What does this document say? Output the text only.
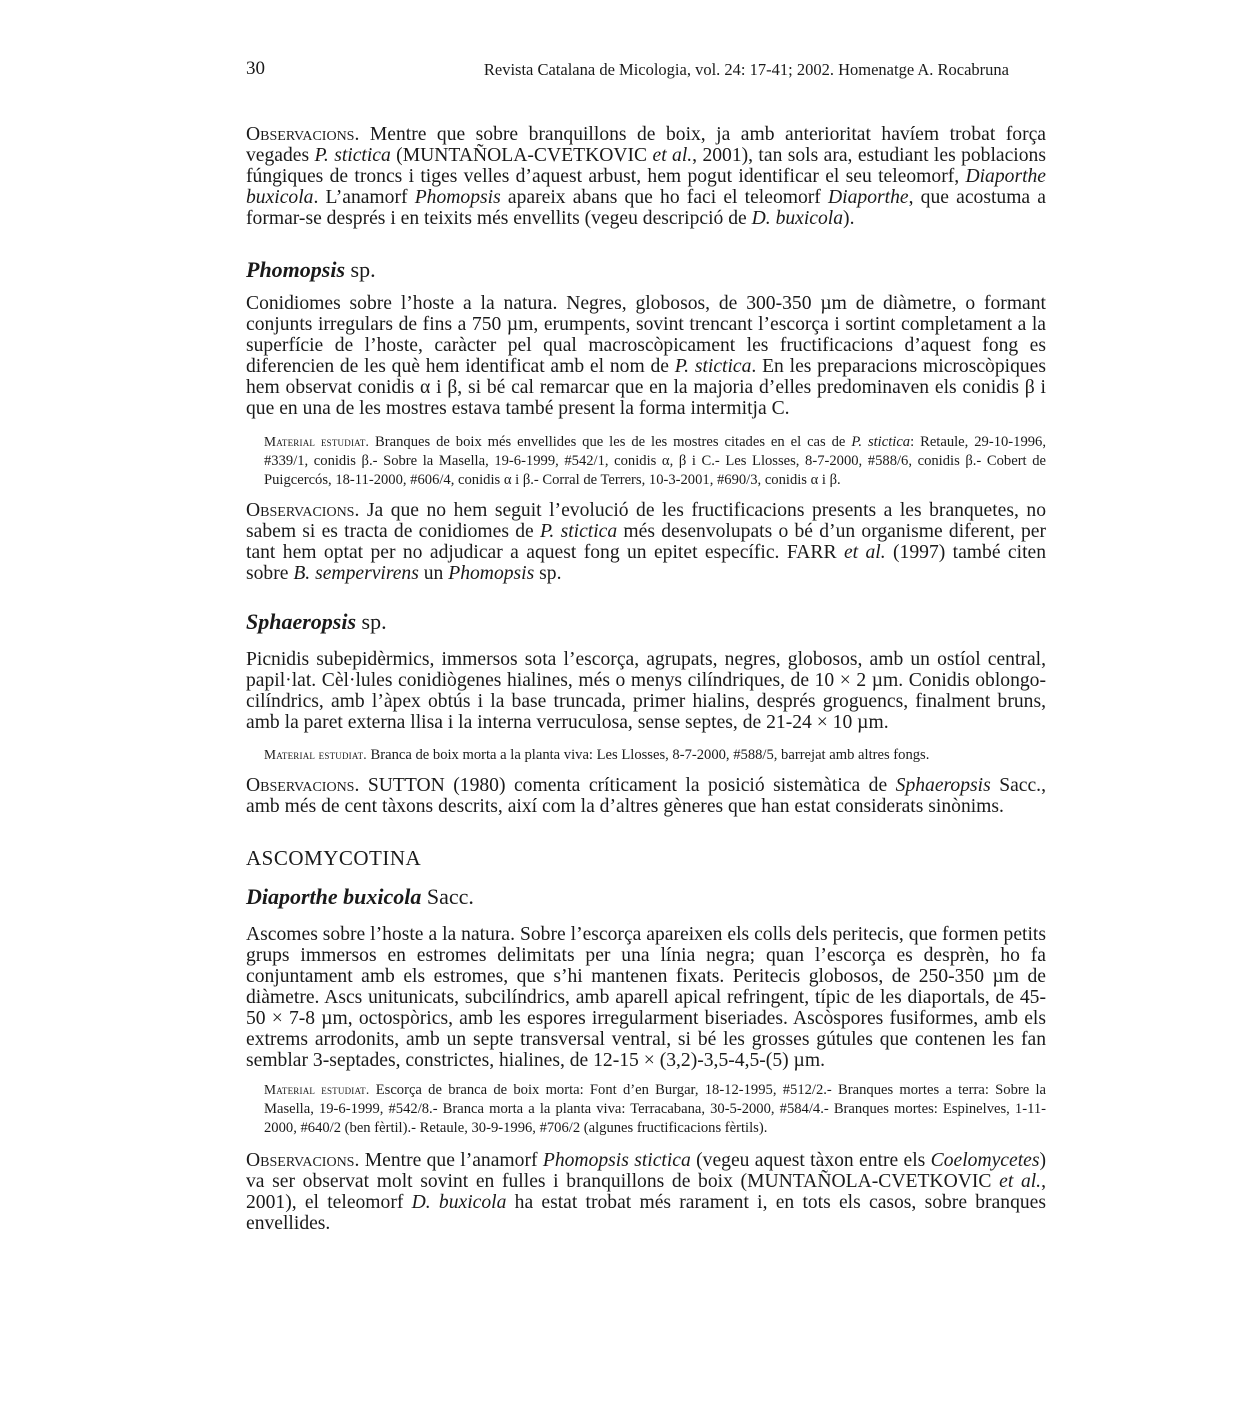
30	Revista Catalana de Micologia, vol. 24: 17-41; 2002. Homenatge A. Rocabruna

Observacions. Mentre que sobre branquillons de boix, ja amb anterioritat havíem trobat força vegades P. stictica (MUNTAÑOLA-CVETKOVIC et al., 2001), tan sols ara, estudiant les poblacions fúngiques de troncs i tiges velles d’aquest arbust, hem pogut identificar el seu teleomorf, Diaporthe buxicola. L’anamorf Phomopsis apareix abans que ho faci el teleomorf Diaporthe, que acostuma a formar-se després i en teixits més envellits (vegeu descripció de D. buxicola).

Phomopsis sp.

Conidiomes sobre l’hoste a la natura. Negres, globosos, de 300-350 µm de diàmetre, o formant conjunts irregulars de fins a 750 µm, erumpents, sovint trencant l’escorça i sortint completament a la superfície de l’hoste, caràcter pel qual macroscòpicament les fructificacions d’aquest fong es diferencien de les què hem identificat amb el nom de P. stictica. En les preparacions microscòpiques hem observat conidis α i β, si bé cal remarcar que en la majoria d’elles predominaven els conidis β i que en una de les mostres estava també present la forma intermitja C.

Material estudiat. Branques de boix més envellides que les de les mostres citades en el cas de P. stictica: Retaule, 29-10-1996, #339/1, conidis β.- Sobre la Masella, 19-6-1999, #542/1, conidis α, β i C.- Les Llosses, 8-7-2000, #588/6, conidis β.- Cobert de Puigcercós, 18-11-2000, #606/4, conidis α i β.- Corral de Terrers, 10-3-2001, #690/3, conidis α i β.

Observacions. Ja que no hem seguit l’evolució de les fructificacions presents a les branquetes, no sabem si es tracta de conidiomes de P. stictica més desenvolupats o bé d’un organisme diferent, per tant hem optat per no adjudicar a aquest fong un epitet específic. FARR et al. (1997) també citen sobre B. sempervirens un Phomopsis sp.

Sphaeropsis sp.

Picnidis subepidèrmics, immersos sota l’escorça, agrupats, negres, globosos, amb un ostíol central, papil·lat. Cèl·lules conidiògenes hialines, més o menys cilíndriques, de 10 × 2 µm. Conidis oblongo-cilíndrics, amb l’àpex obtús i la base truncada, primer hialins, després groguencs, finalment bruns, amb la paret externa llisa i la interna verruculosa, sense septes, de 21-24 × 10 µm.

Material estudiat. Branca de boix morta a la planta viva: Les Llosses, 8-7-2000, #588/5, barrejat amb altres fongs.

Observacions. SUTTON (1980) comenta críticament la posició sistemàtica de Sphaeropsis Sacc., amb més de cent tàxons descrits, així com la d’altres gèneres que han estat considerats sinònims.

ASCOMYCOTINA
Diaporthe buxicola Sacc.

Ascomes sobre l’hoste a la natura. Sobre l’escorça apareixen els colls dels peritecis, que formen petits grups immersos en estromes delimitats per una línia negra; quan l’escorça es desprèn, ho fa conjuntament amb els estromes, que s’hi mantenen fixats. Peritecis globosos, de 250-350 µm de diàmetre. Ascs unitunicats, subcilíndrics, amb aparell apical refringent, típic de les diaportals, de 45-50 × 7-8 µm, octospòrics, amb les espores irregularment biseriades. Ascòspores fusiformes, amb els extrems arrodonits, amb un septe transversal ventral, si bé les grosses gútules que contenen les fan semblar 3-septades, constrictes, hialines, de 12-15 × (3,2)-3,5-4,5-(5) µm.

Material estudiat. Escorça de branca de boix morta: Font d’en Burgar, 18-12-1995, #512/2.- Branques mortes a terra: Sobre la Masella, 19-6-1999, #542/8.- Branca morta a la planta viva: Terracabana, 30-5-2000, #584/4.- Branques mortes: Espinelves, 1-11-2000, #640/2 (ben fèrtil).- Retaule, 30-9-1996, #706/2 (algunes fructificacions fèrtils).

Observacions. Mentre que l’anamorf Phomopsis stictica (vegeu aquest tàxon entre els Coelomycetes) va ser observat molt sovint en fulles i branquillons de boix (MUNTAÑOLA-CVETKOVIC et al., 2001), el teleomorf D. buxicola ha estat trobat més rarament i, en tots els casos, sobre branques envellides.
